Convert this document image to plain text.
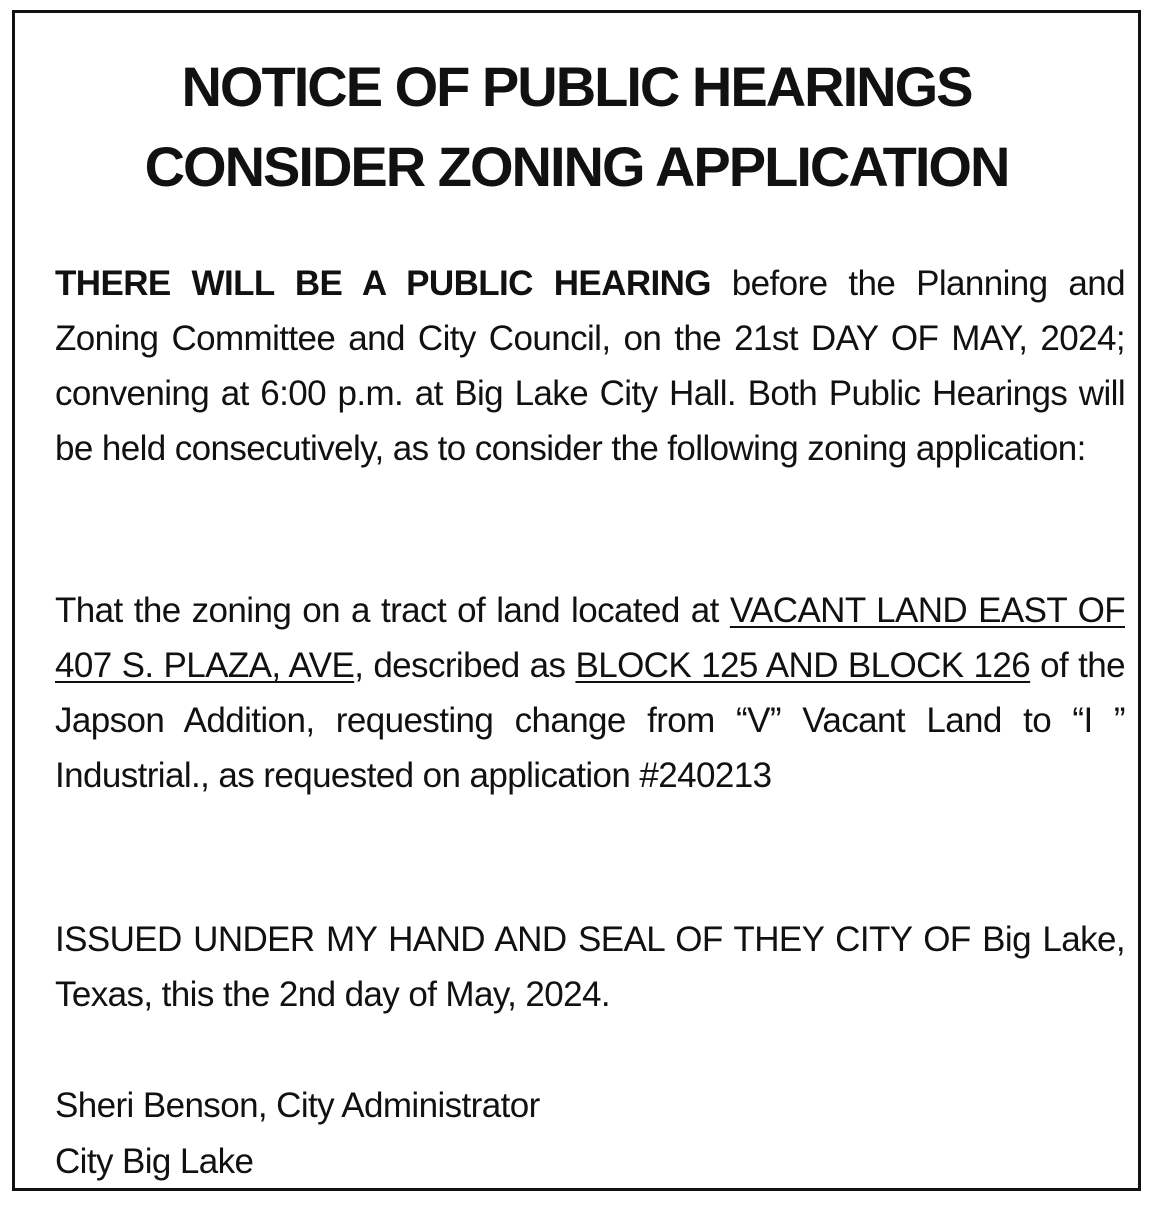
NOTICE OF PUBLIC HEARINGS
CONSIDER ZONING APPLICATION

THERE WILL BE A PUBLIC HEARING before the Planning and Zoning Committee and City Council, on the 21st DAY OF MAY, 2024; convening at 6:00 p.m. at Big Lake City Hall. Both Public Hearings will be held consecutively, as to consider the following zoning application:

That the zoning on a tract of land located at VACANT LAND EAST OF 407 S. PLAZA, AVE, described as BLOCK 125 AND BLOCK 126 of the Japson Addition, requesting change from “V” Vacant Land to “I ” Industrial., as requested on application #240213

ISSUED UNDER MY HAND AND SEAL OF THEY CITY OF Big Lake, Texas, this the 2nd day of May, 2024.

Sheri Benson, City Administrator
City Big Lake
